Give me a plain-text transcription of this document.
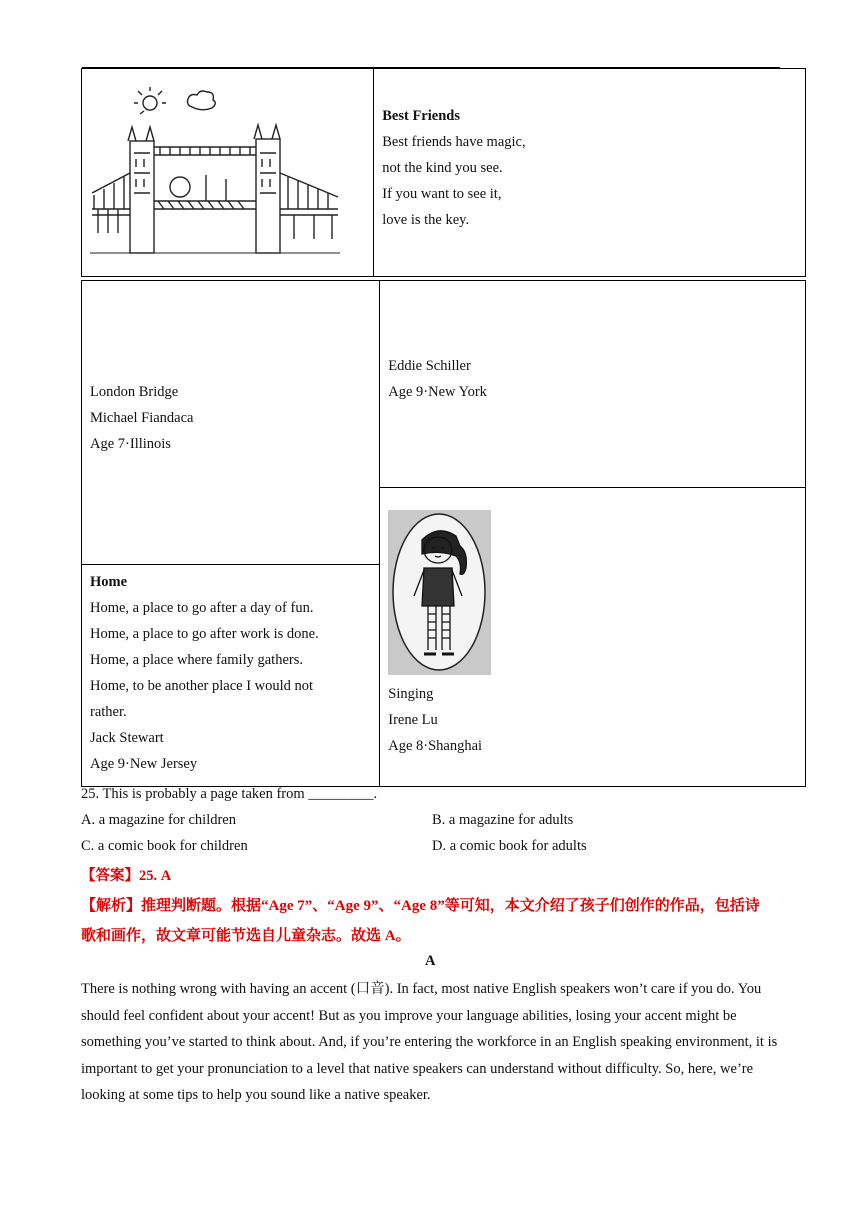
Best Friends
Best friends have magic,
not the kind you see.
If you want to see it,
love is the key.
London Bridge
Michael Fiandaca
Age 7·Illinois

Eddie Schiller
Age 9·New York

Singing
Irene Lu
Age 8·Shanghai

Home
Home, a place to go after a day of fun.
Home, a place to go after work is done.
Home, a place where family gathers.
Home, to be another place I would not
rather.
Jack Stewart
Age 9·New Jersey
25. This is probably a page taken from _________.
A. a magazine for children	B. a magazine for adults
C. a comic book for children	D. a comic book for adults
【答案】25. A
【解析】推理判断题。根据“Age 7”、“Age 9”、“Age 8”等可知，本文介绍了孩子们创作的作品，包括诗
歌和画作，故文章可能节选自儿童杂志。故选 A。
A
There is nothing wrong with having an accent (口音). In fact, most native English speakers won’t care if you do. You should feel confident about your accent! But as you improve your language abilities, losing your accent might be something you’ve started to think about. And, if you’re entering the workforce in an English speaking environment, it is important to get your pronunciation to a level that native speakers can understand without difficulty. So, here, we’re looking at some tips to help you sound like a native speaker.
